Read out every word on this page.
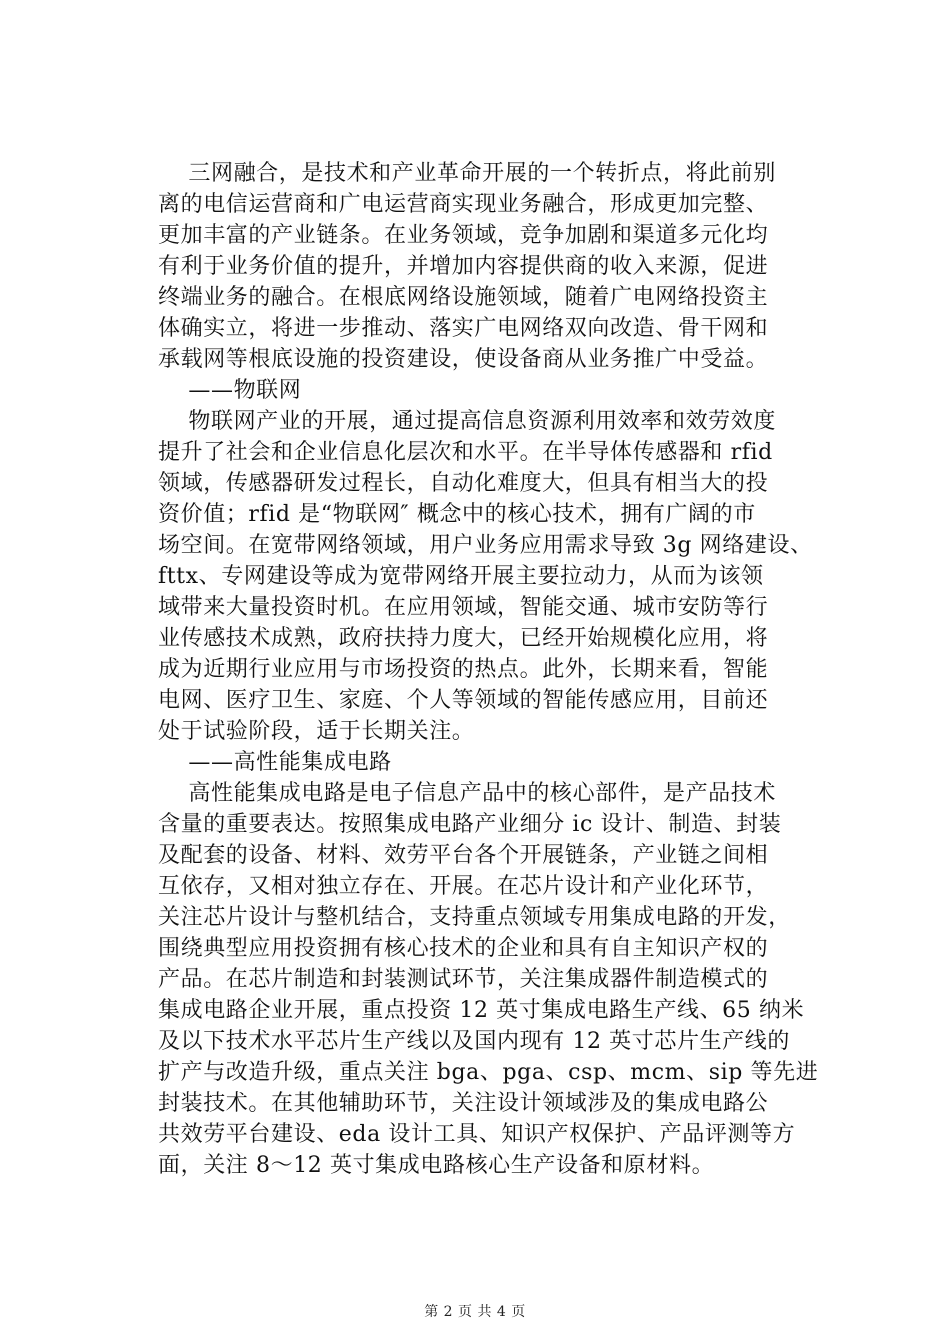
三网融合，是技术和产业革命开展的一个转折点，将此前别
离的电信运营商和广电运营商实现业务融合，形成更加完整、
更加丰富的产业链条。在业务领域，竞争加剧和渠道多元化均
有利于业务价值的提升，并增加内容提供商的收入来源，促进
终端业务的融合。在根底网络设施领域，随着广电网络投资主
体确实立，将进一步推动、落实广电网络双向改造、骨干网和
承载网等根底设施的投资建设，使设备商从业务推广中受益。
——物联网
物联网产业的开展，通过提高信息资源利用效率和效劳效度
提升了社会和企业信息化层次和水平。在半导体传感器和 rfid
领域，传感器研发过程长，自动化难度大，但具有相当大的投
资价值；rfid 是“物联网″ 概念中的核心技术，拥有广阔的市
场空间。在宽带网络领域，用户业务应用需求导致 3g 网络建设、
fttx、专网建设等成为宽带网络开展主要拉动力，从而为该领
域带来大量投资时机。在应用领域，智能交通、城市安防等行
业传感技术成熟，政府扶持力度大，已经开始规模化应用，将
成为近期行业应用与市场投资的热点。此外，长期来看，智能
电网、医疗卫生、家庭、个人等领域的智能传感应用，目前还
处于试验阶段，适于长期关注。
——高性能集成电路
高性能集成电路是电子信息产品中的核心部件，是产品技术
含量的重要表达。按照集成电路产业细分 ic 设计、制造、封装
及配套的设备、材料、效劳平台各个开展链条，产业链之间相
互依存，又相对独立存在、开展。在芯片设计和产业化环节，
关注芯片设计与整机结合，支持重点领域专用集成电路的开发，
围绕典型应用投资拥有核心技术的企业和具有自主知识产权的
产品。在芯片制造和封装测试环节，关注集成器件制造模式的
集成电路企业开展，重点投资 12 英寸集成电路生产线、65 纳米
及以下技术水平芯片生产线以及国内现有 12 英寸芯片生产线的
扩产与改造升级，重点关注 bga、pga、csp、mcm、sip 等先进
封装技术。在其他辅助环节，关注设计领域涉及的集成电路公
共效劳平台建设、eda 设计工具、知识产权保护、产品评测等方
面，关注 8～12 英寸集成电路核心生产设备和原材料。
第 2 页 共 4 页
